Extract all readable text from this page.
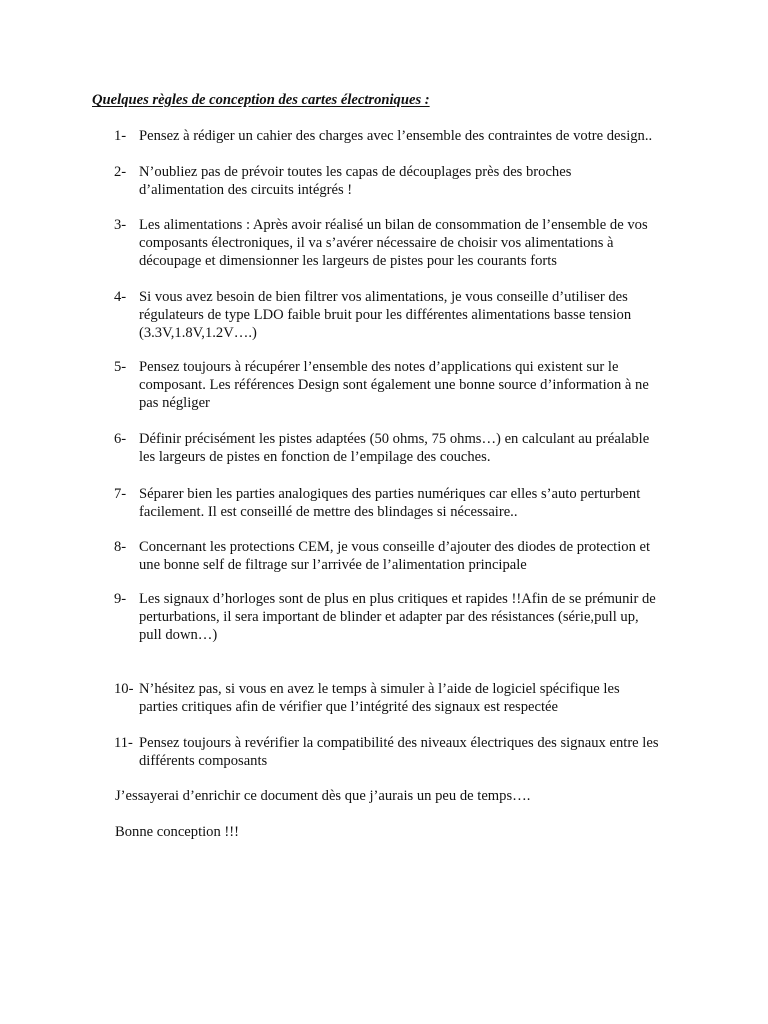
Quelques règles de conception des cartes électroniques :
1- Pensez à rédiger un cahier des charges avec l’ensemble des contraintes de votre design..
2- N’oubliez pas de prévoir toutes les capas de découplages près des broches d’alimentation des circuits intégrés !
3- Les alimentations : Après avoir réalisé un bilan de consommation de l’ensemble de vos composants électroniques, il va s’avérer nécessaire de choisir vos alimentations à découpage et dimensionner les largeurs de pistes pour les courants forts
4- Si vous avez besoin de bien filtrer vos alimentations, je vous conseille d’utiliser des régulateurs de type LDO faible bruit pour les différentes alimentations basse tension (3.3V,1.8V,1.2V….)
5- Pensez toujours à récupérer l’ensemble des notes d’applications qui existent sur le composant. Les références Design sont également une bonne source d’information à ne pas négliger
6- Définir précisément les pistes adaptées (50 ohms, 75 ohms…) en calculant au préalable les largeurs de pistes en fonction de l’empilage des couches.
7- Séparer bien les parties analogiques des parties numériques car elles s’auto perturbent facilement. Il est conseillé de mettre des blindages si nécessaire..
8- Concernant les protections CEM, je vous conseille d’ajouter des diodes de protection et une bonne self de filtrage sur l’arrivée de l’alimentation principale
9- Les signaux d’horloges sont de plus en plus critiques et rapides !!Afin de se prémunir de perturbations, il sera important de blinder et adapter par des résistances (série,pull up, pull down…)
10- N’hésitez pas, si vous en avez le temps à simuler à l’aide de logiciel spécifique les parties critiques afin de vérifier que l’intégrité des signaux est respectée
11- Pensez toujours à revérifier la compatibilité des niveaux électriques des signaux entre les différents composants
J’essayerai d’enrichir ce document dès que j’aurais un peu de temps….
Bonne conception !!!
